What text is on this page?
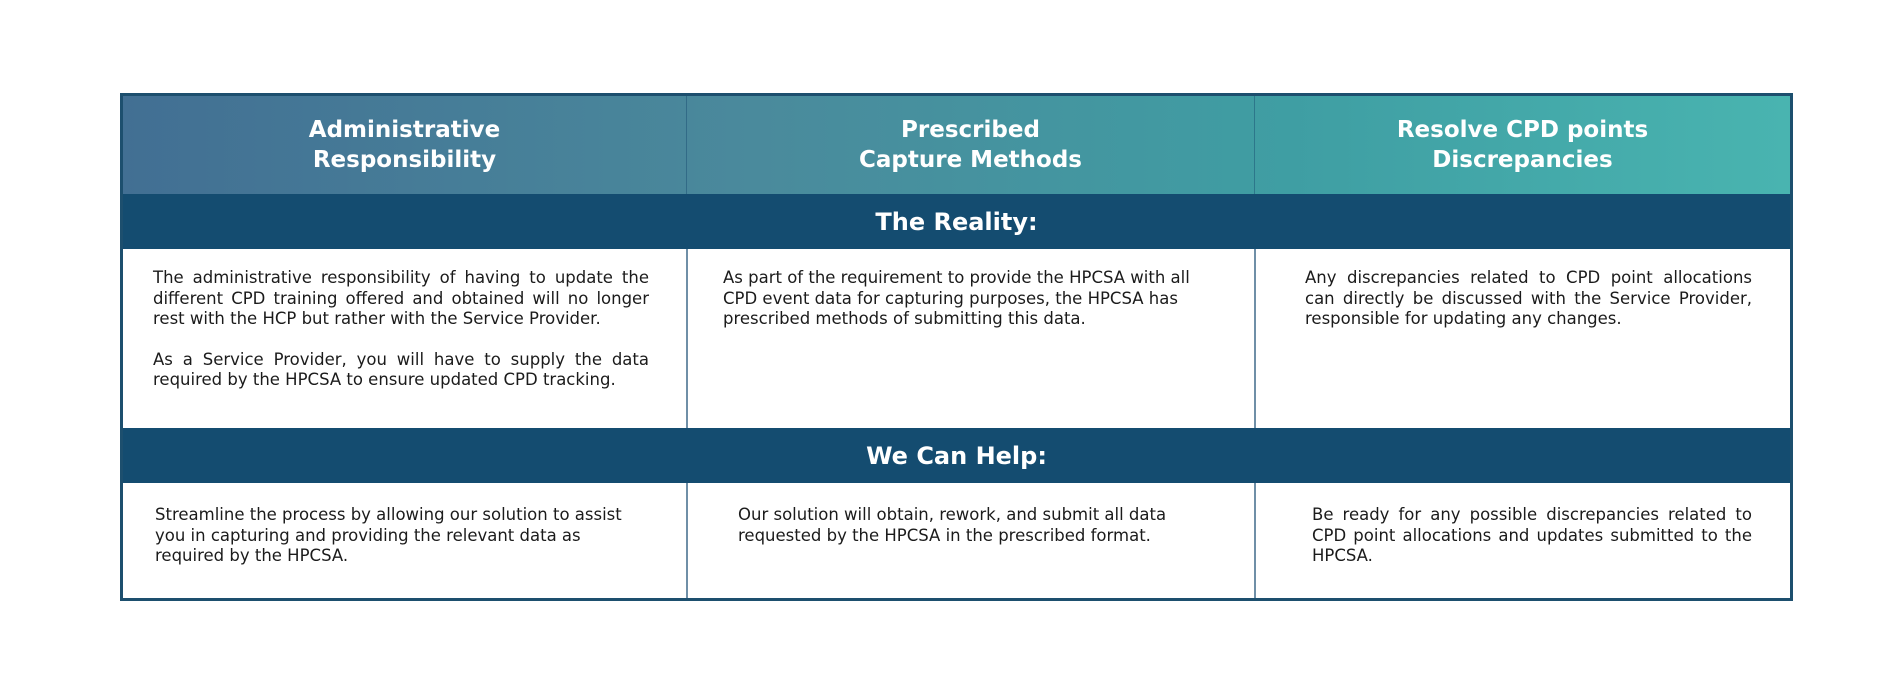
Administrative
Responsibility
Prescribed
Capture Methods
Resolve CPD points
Discrepancies
The Reality:

The administrative responsibility of having to update the different CPD training offered and obtained will no longer rest with the HCP but rather with the Service Provider.

As a Service Provider, you will have to supply the data required by the HPCSA to ensure updated CPD tracking.

As part of the requirement to provide the HPCSA with all CPD event data for capturing purposes, the HPCSA has prescribed methods of submitting this data.

Any discrepancies related to CPD point allocations can directly be discussed with the Service Provider, responsible for updating any changes.

We Can Help:

Streamline the process by allowing our solution to assist you in capturing and providing the relevant data as required by the HPCSA.

Our solution will obtain, rework, and submit all data requested by the HPCSA in the prescribed format.

Be ready for any possible discrepancies related to CPD point allocations and updates submitted to the HPCSA.
